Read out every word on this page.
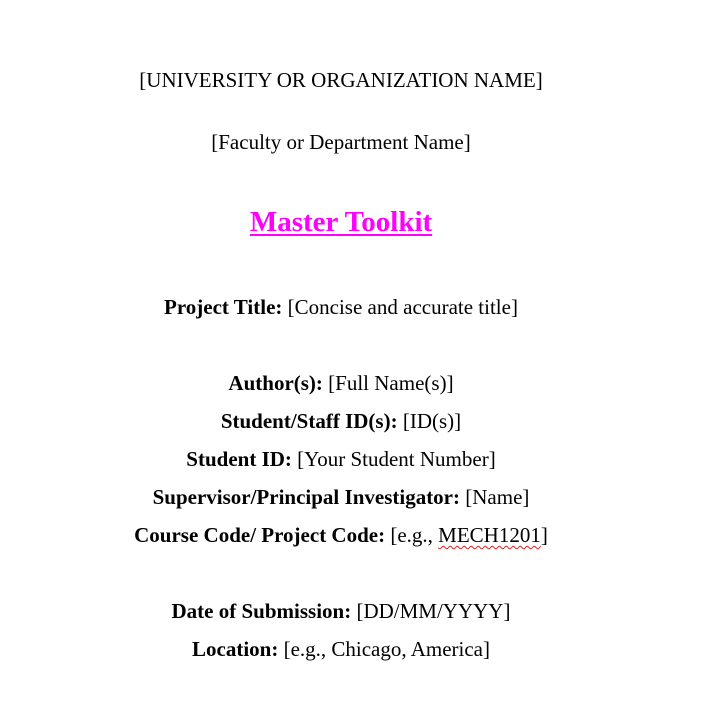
[UNIVERSITY OR ORGANIZATION NAME]
[Faculty or Department Name]
Master Toolkit
Project Title: [Concise and accurate title]
Author(s): [Full Name(s)]
Student/Staff ID(s): [ID(s)]
Student ID: [Your Student Number]
Supervisor/Principal Investigator: [Name]
Course Code/ Project Code: [e.g., MECH1201]
Date of Submission: [DD/MM/YYYY]
Location: [e.g., Chicago, America]
